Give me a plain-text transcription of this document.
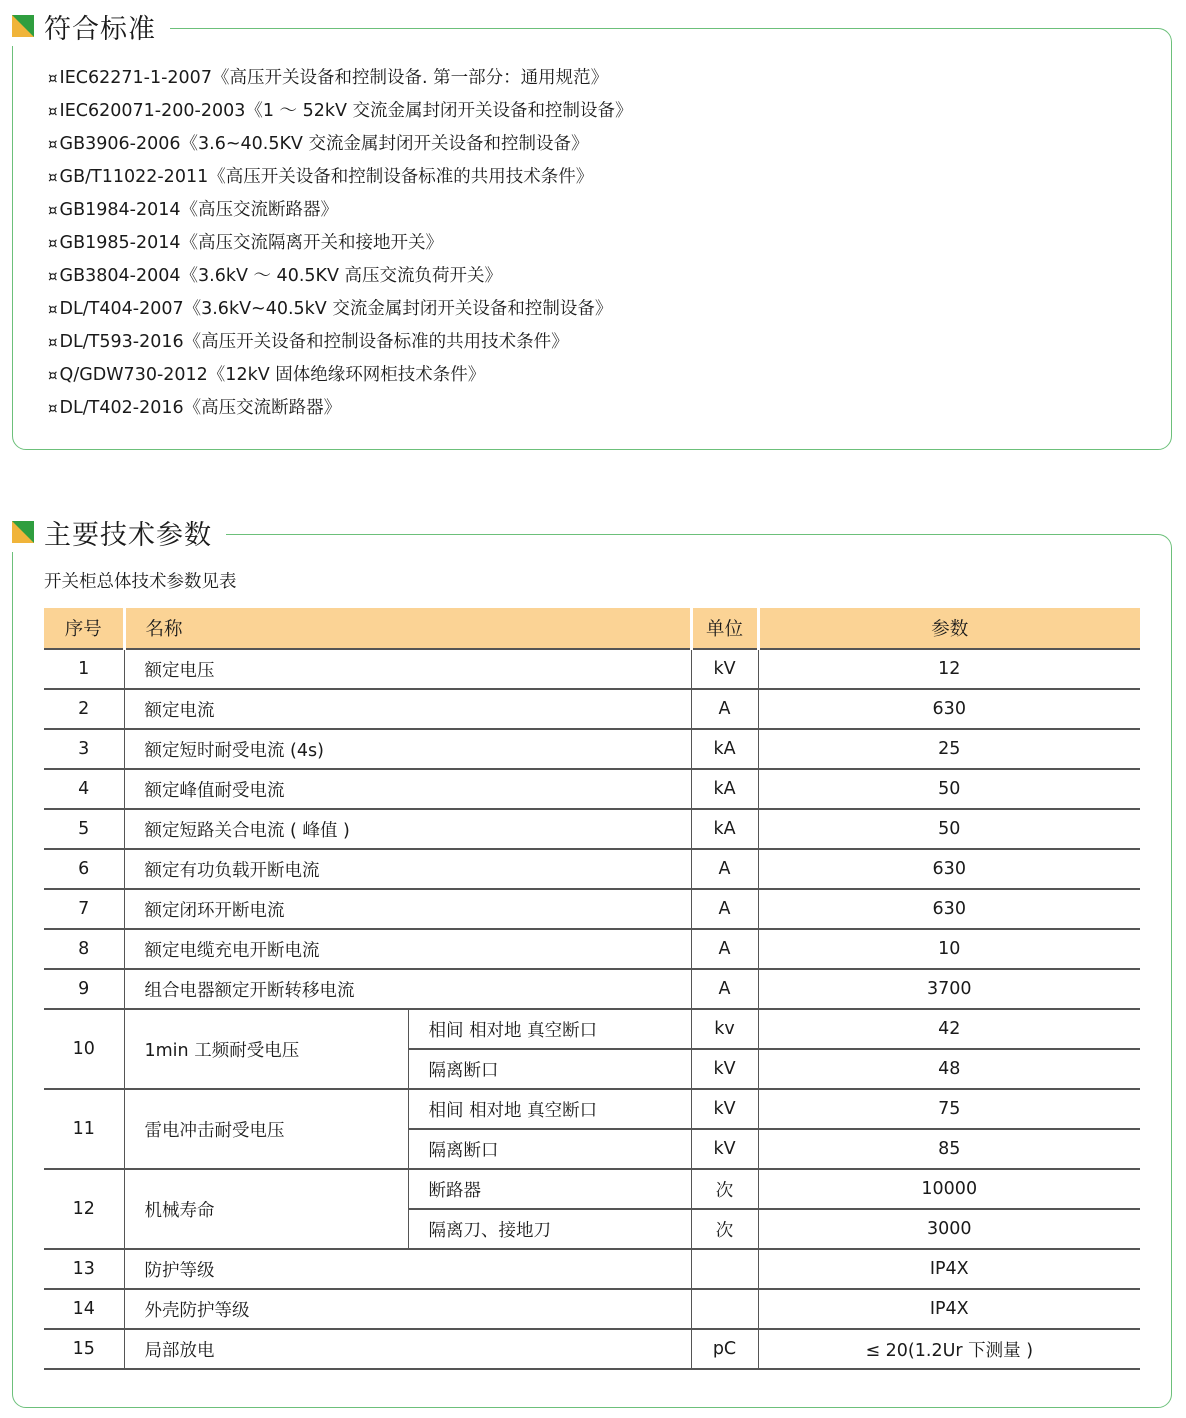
符合标准
¤ IEC62271-1-2007《高压开关设备和控制设备. 第一部分：通用规范》
¤ IEC620071-200-2003《1 ～ 52kV 交流金属封闭开关设备和控制设备》
¤ GB3906-2006《3.6~40.5KV 交流金属封闭开关设备和控制设备》
¤ GB/T11022-2011《高压开关设备和控制设备标准的共用技术条件》
¤ GB1984-2014《高压交流断路器》
¤ GB1985-2014《高压交流隔离开关和接地开关》
¤ GB3804-2004《3.6kV ～ 40.5KV 高压交流负荷开关》
¤ DL/T404-2007《3.6kV~40.5kV 交流金属封闭开关设备和控制设备》
¤ DL/T593-2016《高压开关设备和控制设备标准的共用技术条件》
¤ Q/GDW730-2012《12kV 固体绝缘环网柜技术条件》
¤ DL/T402-2016《高压交流断路器》
主要技术参数
开关柜总体技术参数见表
序号	名称		单位	参数
1	额定电压		kV	12
2	额定电流		A	630
3	额定短时耐受电流 (4s)		kA	25
4	额定峰值耐受电流		kA	50
5	额定短路关合电流 ( 峰值 )		kA	50
6	额定有功负载开断电流		A	630
7	额定闭环开断电流		A	630
8	额定电缆充电开断电流		A	10
9	组合电器额定开断转移电流		A	3700
10	1min 工频耐受电压	相间 相对地 真空断口	kv	42
		隔离断口	kV	48
11	雷电冲击耐受电压	相间 相对地 真空断口	kV	75
		隔离断口	kV	85
12	机械寿命	断路器	次	10000
		隔离刀、接地刀	次	3000
13	防护等级			IP4X
14	外壳防护等级			IP4X
15	局部放电		pC	≤ 20(1.2Ur 下测量 )
